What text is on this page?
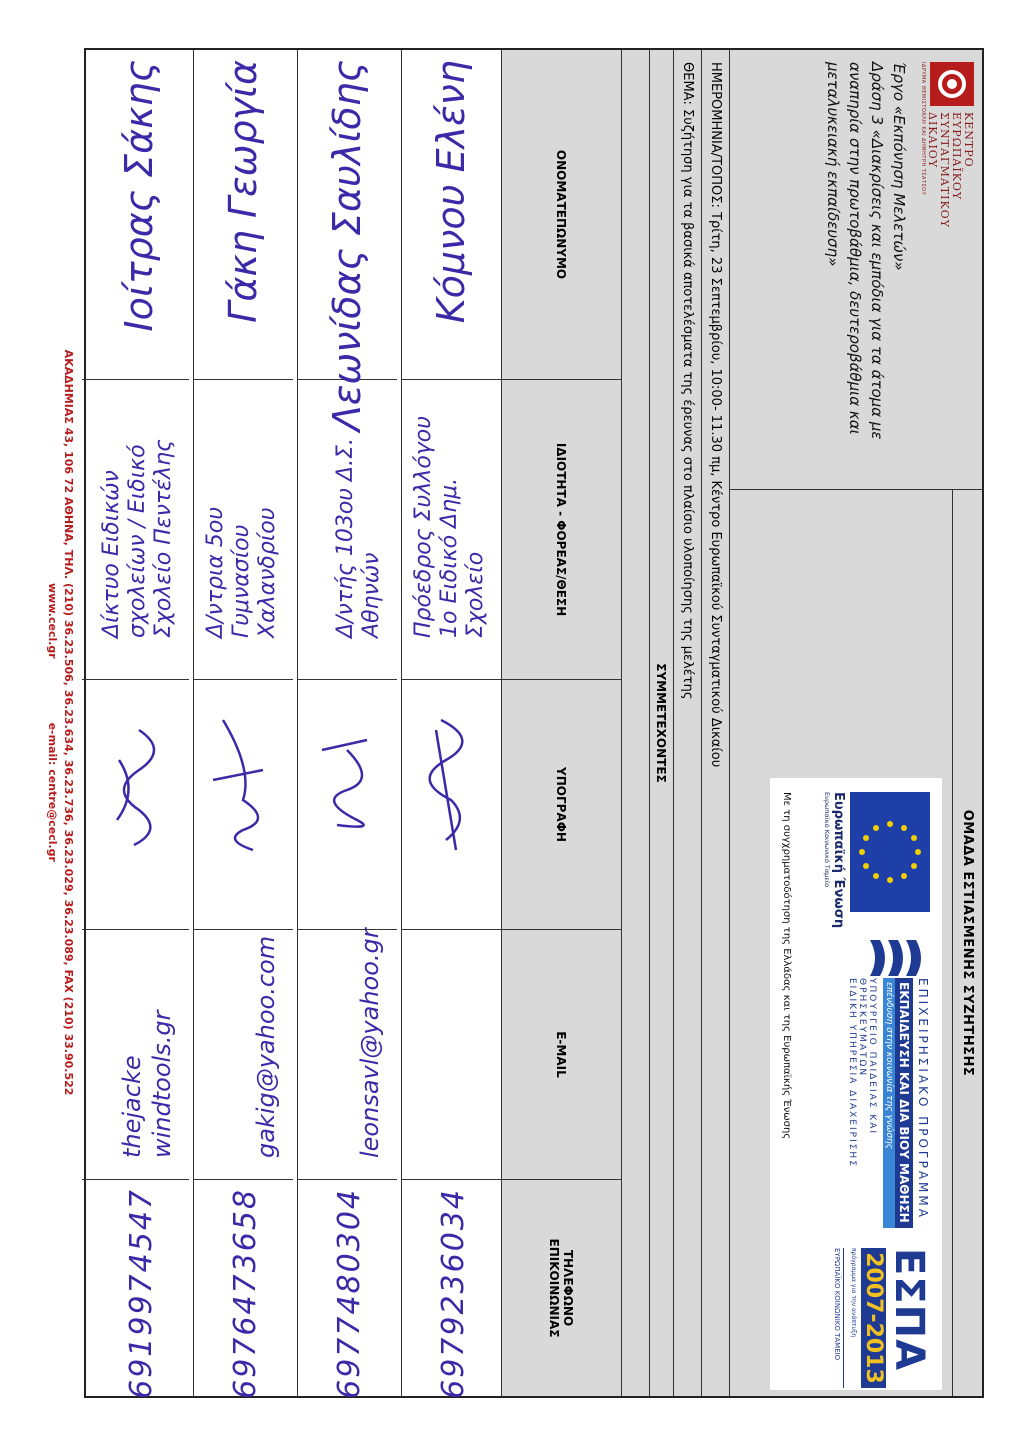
ΚΕΝΤΡΟ
ΕΥΡΩΠΑΪΚΟΥ
ΣΥΝΤΑΓΜΑΤΙΚΟΥ
ΔΙΚΑΙΟΥ
ΙΔΡΥΜΑ ΘΕΜΙΣΤΟΚΛΗ ΚΑΙ ΔΗΜΗΤΡΗ ΤΣΑΤΣΟΥ
Έργο «Εκπόνηση Μελετών»
Δράση 3 «Διακρίσεις και εμπόδια για τα άτομα με
αναπηρία στην πρωτοβάθμια, δευτεροβάθμια και
μεταλυκειακή εκπαίδευση»
ΟΜΑΔΑ ΕΣΤΙΑΣΜΕΝΗΣ ΣΥΖΗΤΗΣΗΣ
Ευρωπαϊκή Ένωση
Ευρωπαϊκό Κοινωνικό Ταμείο
ΕΠΙΧΕΙΡΗΣΙΑΚΟ ΠΡΟΓΡΑΜΜΑ
ΕΚΠΑΙΔΕΥΣΗ ΚΑΙ ΔΙΑ ΒΙΟΥ ΜΑΘΗΣΗ
επένδυση στην κοινωνία της γνώσης
ΥΠΟΥΡΓΕΙΟ ΠΑΙΔΕΙΑΣ ΚΑΙ ΘΡΗΣΚΕΥΜΑΤΩΝ
ΕΙΔΙΚΗ ΥΠΗΡΕΣΙΑ ΔΙΑΧΕΙΡΙΣΗΣ
ΕΣΠΑ
2007-2013
πρόγραμμα για την ανάπτυξη
ΕΥΡΩΠΑΪΚΟ ΚΟΙΝΩΝΙΚΟ ΤΑΜΕΙΟ
Με τη συγχρηματοδότηση της Ελλάδας και της Ευρωπαϊκής Ένωσης
ΗΜΕΡΟΜΗΝΙΑ/ΤΟΠΟΣ: Τρίτη, 23 Σεπτεμβρίου, 10:00- 11.30 πμ, Κέντρο Ευρωπαϊκού Συνταγματικού Δικαίου
ΘΕΜΑ: Συζήτηση για τα βασικά αποτελέσματα της έρευνας στο πλαίσιο υλοποίησης της μελέτης
ΣΥΜΜΕΤΕΧΟΝΤΕΣ
ΟΝΟΜΑΤΕΠΩΝΥΜΟ
ΙΔΙΟΤΗΤΑ - ΦΟΡΕΑΣ/ΘΕΣΗ
ΥΠΟΓΡΑΦΗ
E-MAIL
ΤΗΛΕΦΩΝΟ
ΕΠΙΚΟΙΝΩΝΙΑΣ
Κόμνου Ελένη
Πρόεδρος Συλλόγου 1ο Ειδικό Δημ. Σχολείο
6979236034
Λεωνίδας Σαυλίδης
Δ/ντής 103ου Δ.Σ. Αθηνών
leonsavl@yahoo.gr
6977480304
Γάκη Γεωργία
Δ/ντρια 5ου Γυμνασίου Χαλανδρίου
gakig@yahoo.com
6976473658
Ιοίτρας Σάκης
Δίκτυο Ειδικών σχολείων / Ειδικό Σχολείο Πεντέλης
thejacke windtools.gr
6919974547
ΑΚΑΔΗΜΙΑΣ 43, 106 72 ΑΘΗΝΑ, ΤΗΛ. (210) 36.23.506, 36.23.634, 36.23.736, 36.23.029, 36.23.089, FAX (210) 33.90.522
www.cecl.gr e-mail: centre@cecl.gr
